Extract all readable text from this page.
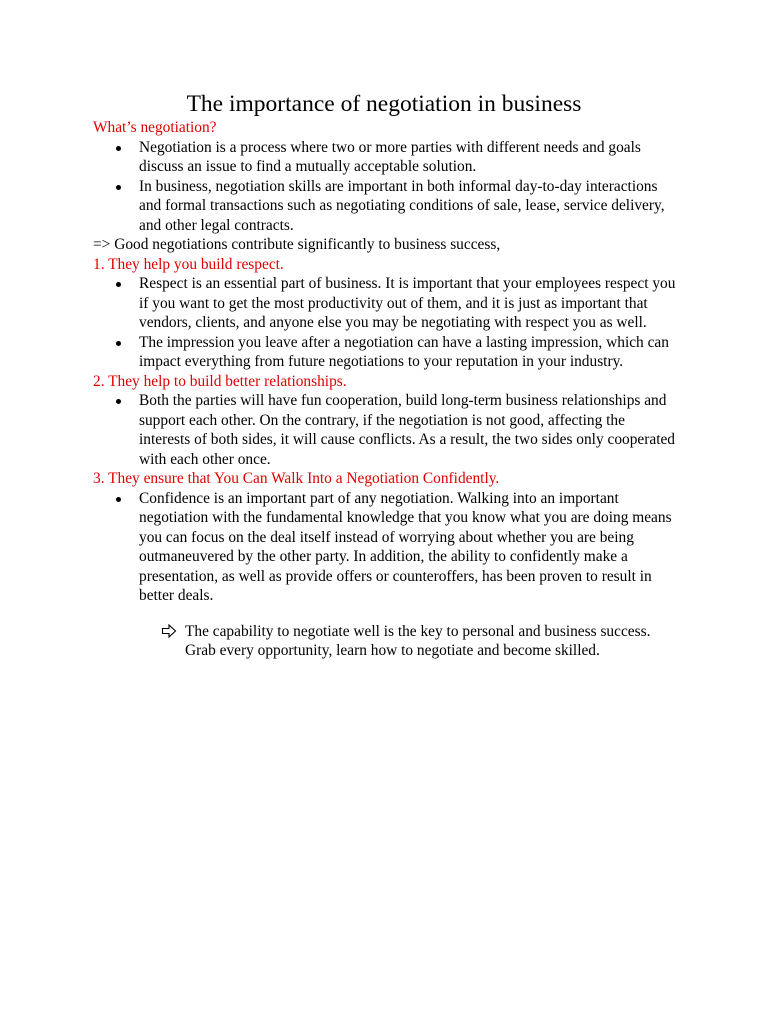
The importance of negotiation in business

What’s negotiation?

Negotiation is a process where two or more parties with different needs and goals discuss an issue to find a mutually acceptable solution.
In business, negotiation skills are important in both informal day-to-day interactions and formal transactions such as negotiating conditions of sale, lease, service delivery, and other legal contracts.

=> Good negotiations contribute significantly to business success,

1. They help you build respect.

Respect is an essential part of business. It is important that your employees respect you if you want to get the most productivity out of them, and it is just as important that vendors, clients, and anyone else you may be negotiating with respect you as well.
The impression you leave after a negotiation can have a lasting impression, which can impact everything from future negotiations to your reputation in your industry.

2. They help to build better relationships.

Both the parties will have fun cooperation, build long-term business relationships and support each other. On the contrary, if the negotiation is not good, affecting the interests of both sides, it will cause conflicts. As a result, the two sides only cooperated with each other once.

3. They ensure that You Can Walk Into a Negotiation Confidently.

Confidence is an important part of any negotiation. Walking into an important negotiation with the fundamental knowledge that you know what you are doing means you can focus on the deal itself instead of worrying about whether you are being outmaneuvered by the other party. In addition, the ability to confidently make a presentation, as well as provide offers or counteroffers, has been proven to result in better deals.
The capability to negotiate well is the key to personal and business success. Grab every opportunity, learn how to negotiate and become skilled.
